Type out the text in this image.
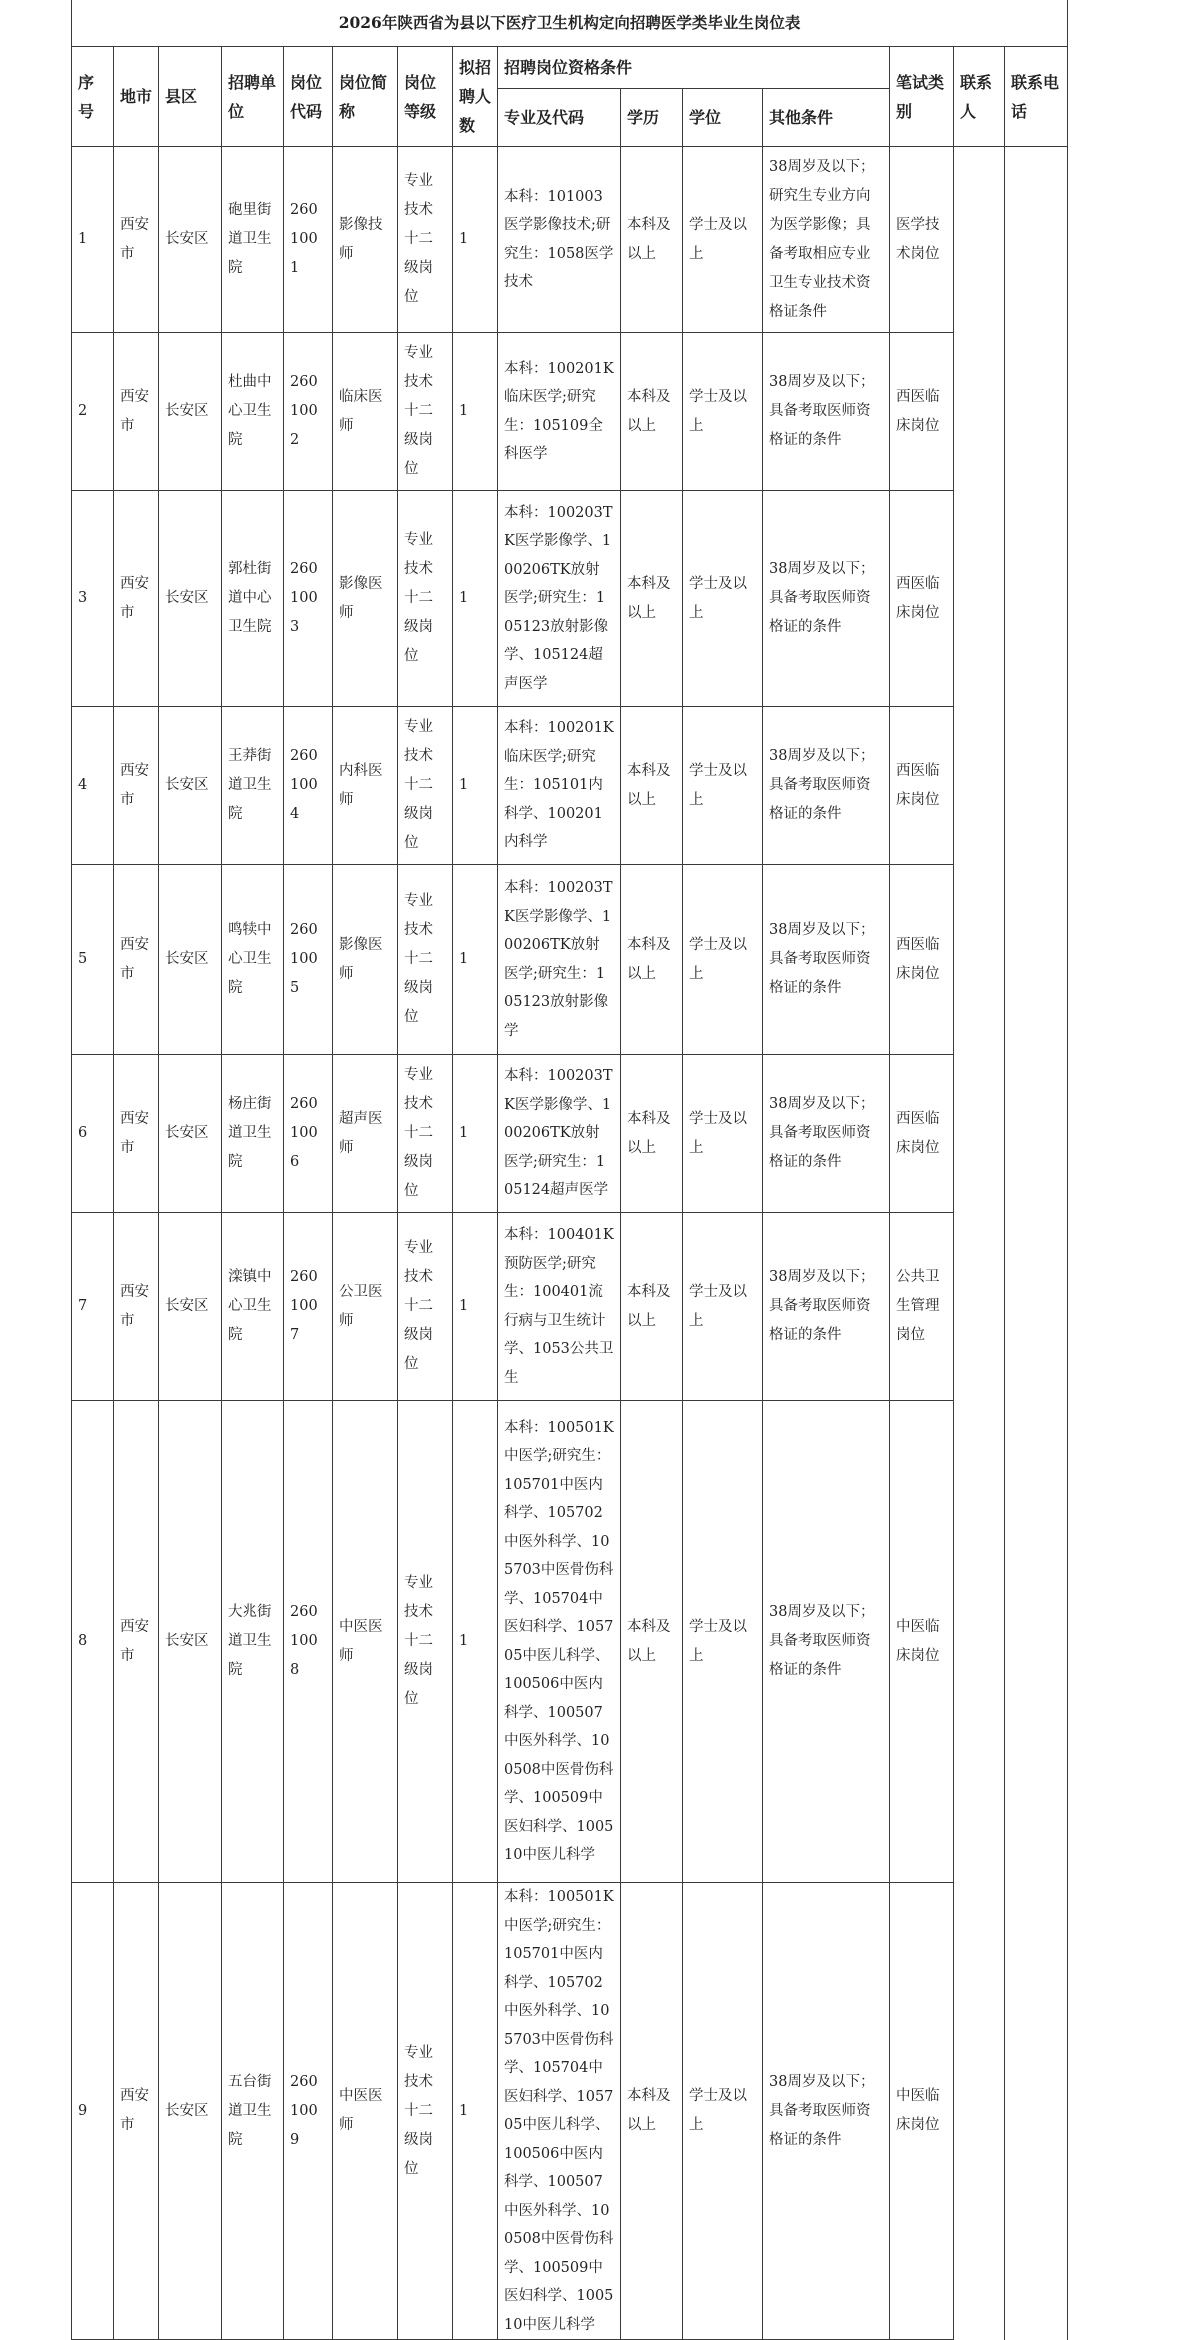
2026年陕西省为县以下医疗卫生机构定向招聘医学类毕业生岗位表														
序号	地市	县区	招聘单位	岗位代码	岗位简称	岗位等级	拟招聘人数	招聘岗位资格条件				笔试类别	联系人	联系电话
								专业及代码	学历	学位	其他条件			
1	西安市	长安区	砲里街道卫生院	2601001	影像技师	专业技术十二级岗位	1	本科：101003医学影像技术;研究生：1058医学技术	本科及以上	学士及以上	38周岁及以下；研究生专业方向为医学影像；具备考取相应专业卫生专业技术资格证条件	医学技术岗位		
2	西安市	长安区	杜曲中心卫生院	2601002	临床医师	专业技术十二级岗位	1	本科：100201K临床医学;研究生：105109全科医学	本科及以上	学士及以上	38周岁及以下；具备考取医师资格证的条件	西医临床岗位		
3	西安市	长安区	郭杜街道中心卫生院	2601003	影像医师	专业技术十二级岗位	1	本科：100203TK医学影像学、100206TK放射医学;研究生：105123放射影像学、105124超声医学	本科及以上	学士及以上	38周岁及以下；具备考取医师资格证的条件	西医临床岗位		
4	西安市	长安区	王莽街道卫生院	2601004	内科医师	专业技术十二级岗位	1	本科：100201K临床医学;研究生：105101内科学、100201内科学	本科及以上	学士及以上	38周岁及以下；具备考取医师资格证的条件	西医临床岗位		
5	西安市	长安区	鸣犊中心卫生院	2601005	影像医师	专业技术十二级岗位	1	本科：100203TK医学影像学、100206TK放射医学;研究生：105123放射影像学	本科及以上	学士及以上	38周岁及以下；具备考取医师资格证的条件	西医临床岗位		
6	西安市	长安区	杨庄街道卫生院	2601006	超声医师	专业技术十二级岗位	1	本科：100203TK医学影像学、100206TK放射医学;研究生：105124超声医学	本科及以上	学士及以上	38周岁及以下；具备考取医师资格证的条件	西医临床岗位		
7	西安市	长安区	滦镇中心卫生院	2601007	公卫医师	专业技术十二级岗位	1	本科：100401K预防医学;研究生：100401流行病与卫生统计学、1053公共卫生	本科及以上	学士及以上	38周岁及以下；具备考取医师资格证的条件	公共卫生管理岗位		
8	西安市	长安区	大兆街道卫生院	2601008	中医医师	专业技术十二级岗位	1	本科：100501K中医学;研究生：105701中医内科学、105702中医外科学、105703中医骨伤科学、105704中医妇科学、105705中医儿科学、100506中医内科学、100507中医外科学、100508中医骨伤科学、100509中医妇科学、100510中医儿科学	本科及以上	学士及以上	38周岁及以下；具备考取医师资格证的条件	中医临床岗位		
9	西安市	长安区	五台街道卫生院	2601009	中医医师	专业技术十二级岗位	1	本科：100501K中医学;研究生：105701中医内科学、105702中医外科学、105703中医骨伤科学、105704中医妇科学、105705中医儿科学、100506中医内科学、100507中医外科学、100508中医骨伤科学、100509中医妇科学、100510中医儿科学	本科及以上	学士及以上	38周岁及以下；具备考取医师资格证的条件	中医临床岗位		
